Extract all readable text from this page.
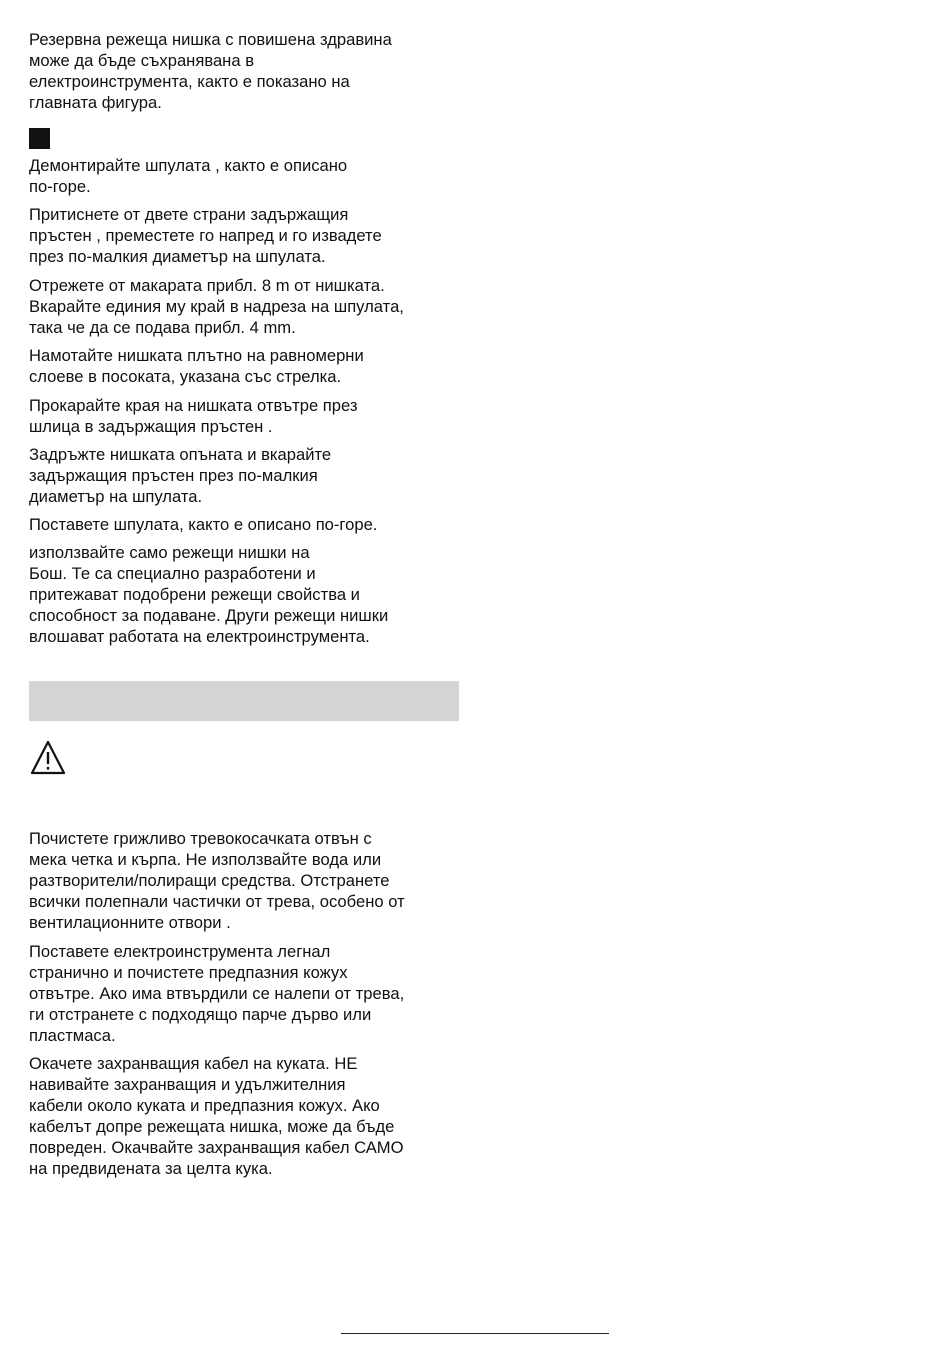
Резервна режеща нишка с повишена здравина
може да бъде съхранявана в
електроинструмента, както е показано на
главната фигура.

Демонтирайте шпулата , както е описано
по-горе.

Притиснете от двете страни задържащия
пръстен , преместете го напред и го извадете
през по-малкия диаметър на шпулата.

Отрежете от макарата прибл. 8 m от нишката.
Вкарайте единия му край в надреза на шпулата,
така че да се подава прибл. 4 mm.

Намотайте нишката плътно на равномерни
слоеве в посоката, указана със стрелка.

Прокарайте края на нишката отвътре през
шлица в задържащия пръстен .

Задръжте нишката опъната и вкарайте
задържащия пръстен през по-малкия
диаметър на шпулата.

Поставете шпулата, както е описано по-горе.

използвайте само режещи нишки на
Бош. Те са специално разработени и
притежават подобрени режещи свойства и
способност за подаване. Други режещи нишки
влошават работата на електроинструмента.

Почистете грижливо тревокосачката отвън с
мека четка и кърпа. Не използвайте вода или
разтворители/полиращи средства. Отстранете
всички полепнали частички от трева, особено от
вентилационните отвори .

Поставете електроинструмента легнал
странично и почистете предпазния кожух
отвътре. Ако има втвърдили се налепи от трева,
ги отстранете с подходящо парче дърво или
пластмаса.

Окачете захранващия кабел на куката. НЕ
навивайте захранващия и удължителния
кабели около куката и предпазния кожух. Ако
кабелът допре режещата нишка, може да бъде
повреден. Окачвайте захранващия кабел САМО
на предвидената за целта кука.
